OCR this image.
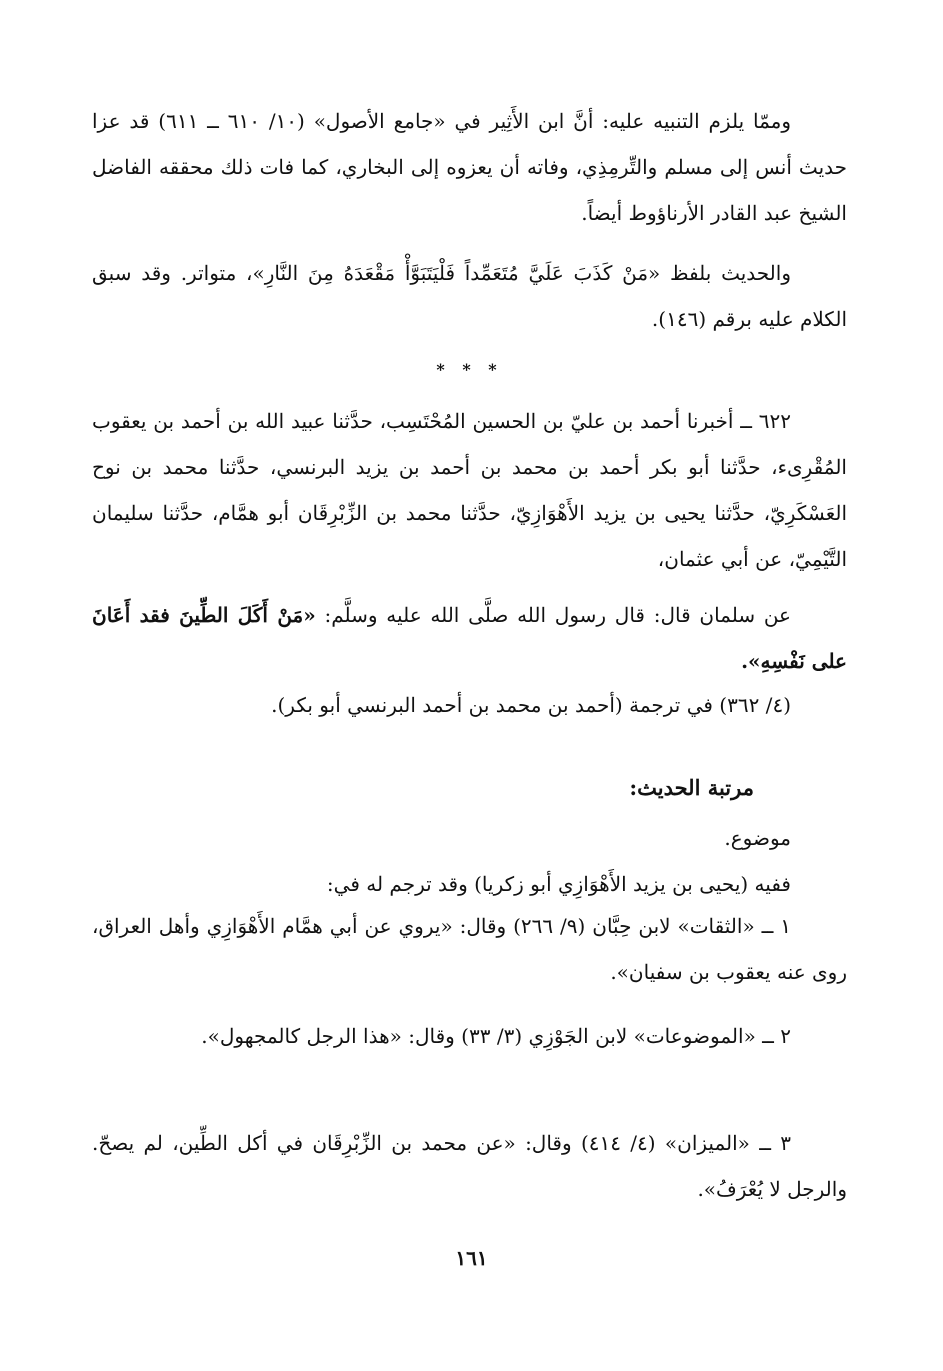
وممّا يلزم التنبيه عليه: أنَّ ابن الأَثِير في «جامع الأصول» (١٠/ ٦١٠ ــ ٦١١) قد عزا حديث أنس إلى مسلم والتِّرمِذِي، وفاته أن يعزوه إلى البخاري، كما فات ذلك محققه الفاضل الشيخ عبد القادر الأرناؤوط أيضاً.

والحديث بلفظ «مَنْ كَذَبَ عَلَيَّ مُتَعَمِّداً فَلْيَتَبَوَّأْ مَقْعَدَهُ مِنَ النَّارِ»، متواتر. وقد سبق الكلام عليه برقم (١٤٦).

* * *

٦٢٢ ــ أخبرنا أحمد بن عليّ بن الحسين المُحْتَسِب، حدَّثنا عبيد الله بن أحمد بن يعقوب المُقْرِىء، حدَّثنا أبو بكر أحمد بن محمد بن أحمد بن يزيد البرنسي، حدَّثنا محمد بن نوح العَسْكَرِيّ، حدَّثنا يحيى بن يزيد الأَهْوَازِيّ، حدَّثنا محمد بن الزِّبْرِقَان أبو همَّام، حدَّثنا سليمان التَّيْمِيّ، عن أبي عثمان،

عن سلمان قال: قال رسول الله صلَّى الله عليه وسلَّم: «مَنْ أَكَلَ الطِّينَ فقد أَعَانَ على نَفْسِهِ».

(٤/ ٣٦٢) في ترجمة (أحمد بن محمد بن أحمد البرنسي أبو بكر).

مرتبة الحديث:

موضوع.

ففيه (يحيى بن يزيد الأَهْوَازِي أبو زكريا) وقد ترجم له في:

١ ــ «الثقات» لابن حِبَّان (٩/ ٢٦٦) وقال: «يروي عن أبي همَّام الأَهْوَازِي وأهل العراق، روى عنه يعقوب بن سفيان».

٢ ــ «الموضوعات» لابن الجَوْزِي (٣/ ٣٣) وقال: «هذا الرجل كالمجهول».

٣ ــ «الميزان» (٤/ ٤١٤) وقال: «عن محمد بن الزِّبْرِقَان في أكل الطِّين، لم يصحّ. والرجل لا يُعْرَفُ».

١٦١
